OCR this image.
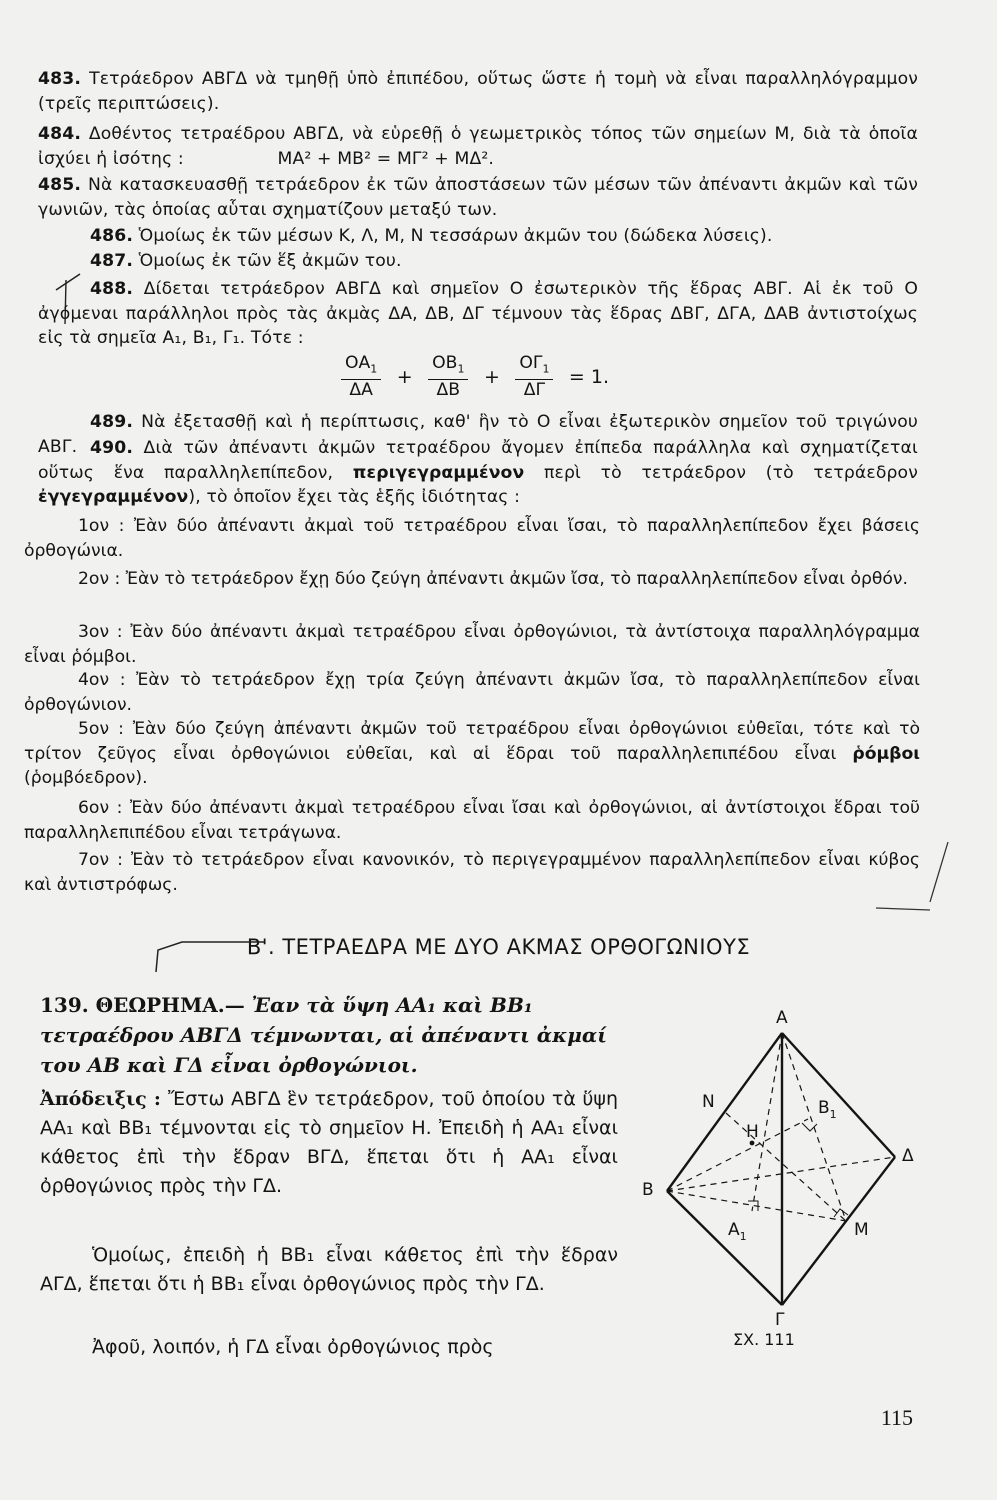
483. Τετράεδρον ΑΒΓΔ νὰ τμηθῇ ὑπὸ ἐπιπέδου, οὕτως ὥστε ἡ τομὴ νὰ εἶναι παραλληλόγραμμον (τρεῖς περιπτώσεις).
484. Δοθέντος τετραέδρου ΑΒΓΔ, νὰ εὑρεθῇ ὁ γεωμετρικὸς τόπος τῶν σημείων Μ, διὰ τὰ ὁποῖα ἰσχύει ἡ ἰσότης :	ΜΑ² + ΜΒ² = ΜΓ² + ΜΔ².
485. Νὰ κατασκευασθῇ τετράεδρον ἐκ τῶν ἀποστάσεων τῶν μέσων τῶν ἀπέναντι ἀκμῶν καὶ τῶν γωνιῶν, τὰς ὁποίας αὗται σχηματίζουν μεταξύ των.
486. Ὁμοίως ἐκ τῶν μέσων Κ, Λ, Μ, Ν τεσσάρων ἀκμῶν του (δώδεκα λύσεις).
487. Ὁμοίως ἐκ τῶν ἕξ ἀκμῶν του.
488. Δίδεται τετράεδρον ΑΒΓΔ καὶ σημεῖον Ο ἐσωτερικὸν τῆς ἕδρας ΑΒΓ. Αἱ ἐκ τοῦ Ο ἀγόμεναι παράλληλοι πρὸς τὰς ἀκμὰς ΔΑ, ΔΒ, ΔΓ τέμνουν τὰς ἕδρας ΔΒΓ, ΔΓΑ, ΔΑΒ ἀντιστοίχως εἰς τὰ σημεῖα Α₁, Β₁, Γ₁. Τότε :
$\frac{OA_1}{\Delta A} + \frac{OB_1}{\Delta B} + \frac{O\Gamma_1}{\Delta\Gamma} = 1$.
489. Νὰ ἐξετασθῇ καὶ ἡ περίπτωσις, καθ' ἣν τὸ Ο εἶναι ἐξωτερικὸν σημεῖον τοῦ τριγώνου ΑΒΓ. 490. Διὰ τῶν ἀπέναντι ἀκμῶν τετραέδρου ἄγομεν ἐπίπεδα παράλληλα καὶ σχηματίζεται οὕτως ἕνα παραλληλεπίπεδον, περιγεγραμμένον περὶ τὸ τετράεδρον (τὸ τετράεδρον ἐγγεγραμμένον), τὸ ὁποῖον ἔχει τὰς ἑξῆς ἰδιότητας :
1ον : Ἐὰν δύο ἀπέναντι ἀκμαὶ τοῦ τετραέδρου εἶναι ἴσαι, τὸ παραλληλεπίπεδον ἔχει βάσεις ὀρθογώνια.
2ον : Ἐὰν τὸ τετράεδρον ἔχῃ δύο ζεύγη ἀπέναντι ἀκμῶν ἴσα, τὸ παραλληλεπίπεδον εἶναι ὀρθόν.
3ον : Ἐὰν δύο ἀπέναντι ἀκμαὶ τετραέδρου εἶναι ὀρθογώνιοι, τὰ ἀντίστοιχα παραλληλόγραμμα εἶναι ῥόμβοι.
4ον : Ἐὰν τὸ τετράεδρον ἔχῃ τρία ζεύγη ἀπέναντι ἀκμῶν ἴσα, τὸ παραλληλεπίπεδον εἶναι ὀρθογώνιον.
5ον : Ἐὰν δύο ζεύγη ἀπέναντι ἀκμῶν τοῦ τετραέδρου εἶναι ὀρθογώνιοι εὐθεῖαι, τότε καὶ τὸ τρίτον ζεῦγος εἶναι ὀρθογώνιοι εὐθεῖαι, καὶ αἱ ἕδραι τοῦ παραλληλεπιπέδου εἶναι ῥόμβοι (ῥομβόεδρον).
6ον : Ἐὰν δύο ἀπέναντι ἀκμαὶ τετραέδρου εἶναι ἴσαι καὶ ὀρθογώνιοι, αἱ ἀντίστοιχοι ἕδραι τοῦ παραλληλεπιπέδου εἶναι τετράγωνα.
7ον : Ἐὰν τὸ τετράεδρον εἶναι κανονικόν, τὸ περιγεγραμμένον παραλληλεπίπεδον εἶναι κύβος καὶ ἀντιστρόφως.
Β'. ΤΕΤΡΑΕΔΡΑ ΜΕ ΔΥΟ ΑΚΜΑΣ ΟΡΘΟΓΩΝΙΟΥΣ
139. ΘΕΩΡΗΜΑ.— Ἐαν τὰ ὕψη ΑΑ₁ καὶ ΒΒ₁ τετραέδρου ΑΒΓΔ τέμνωνται, αἱ ἀπέναντι ἀκμαί του ΑΒ καὶ ΓΔ εἶναι ὀρθογώνιοι.
Ἀπόδειξις : Ἔστω ΑΒΓΔ ἓν τετράεδρον, τοῦ ὁποίου τὰ ὕψη ΑΑ₁ καὶ ΒΒ₁ τέμνονται εἰς τὸ σημεῖον Η. Ἐπειδὴ ἡ ΑΑ₁ εἶναι κάθετος ἐπὶ τὴν ἕδραν ΒΓΔ, ἕπεται ὅτι ἡ ΑΑ₁ εἶναι ὀρθογώνιος πρὸς τὴν ΓΔ.
Ὁμοίως, ἐπειδὴ ἡ ΒΒ₁ εἶναι κάθετος ἐπὶ τὴν ἕδραν ΑΓΔ, ἕπεται ὅτι ἡ ΒΒ₁ εἶναι ὀρθογώνιος πρὸς τὴν ΓΔ.
Ἀφοῦ, λοιπόν, ἡ ΓΔ εἶναι ὀρθογώνιος πρὸς
Α
Β
Γ
Δ
Ν
Η
Μ
$B_1$
$A_1$
ΣΧ. 111
115
